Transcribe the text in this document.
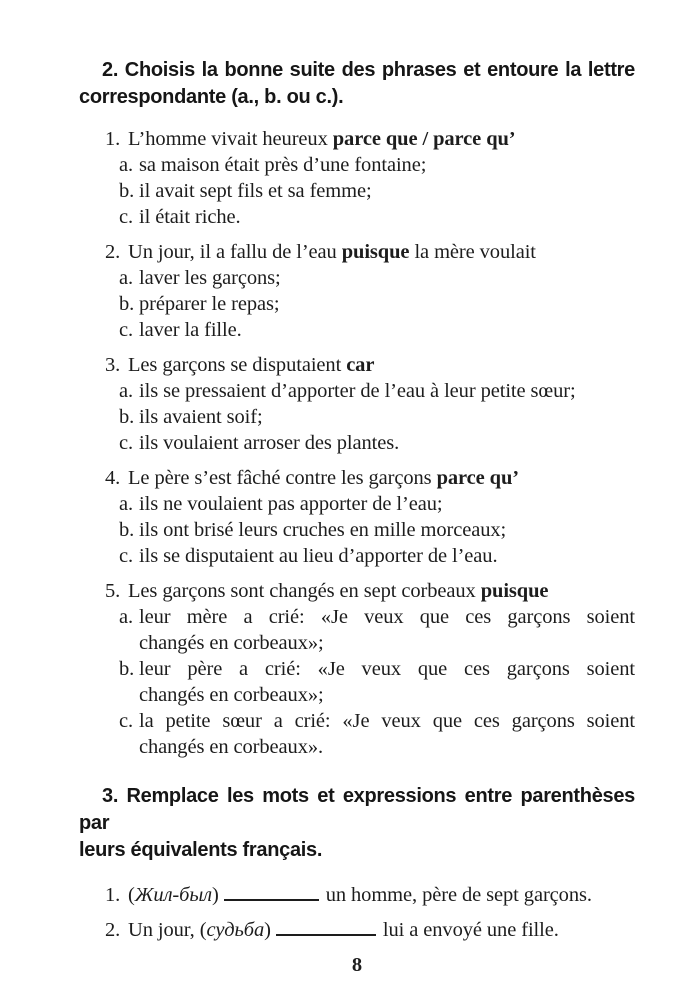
2. Choisis la bonne suite des phrases et entoure la lettre
correspondante (a., b. ou c.).
1. L’homme vivait heureux parce que / parce qu’
a. sa maison était près d’une fontaine;
b. il avait sept fils et sa femme;
c. il était riche.
2. Un jour, il a fallu de l’eau puisque la mère voulait
a. laver les garçons;
b. préparer le repas;
c. laver la fille.
3. Les garçons se disputaient car
a. ils se pressaient d’apporter de l’eau à leur petite sœur;
b. ils avaient soif;
c. ils voulaient arroser des plantes.
4. Le père s’est fâché contre les garçons parce qu’
a. ils ne voulaient pas apporter de l’eau;
b. ils ont brisé leurs cruches en mille morceaux;
c. ils se disputaient au lieu d’apporter de l’eau.
5. Les garçons sont changés en sept corbeaux puisque
a. leur mère a crié: «Je veux que ces garçons soient
changés en corbeaux»;
b. leur père a crié: «Je veux que ces garçons soient
changés en corbeaux»;
c. la petite sœur a crié: «Je veux que ces garçons soient
changés en corbeaux».
3. Remplace les mots et expressions entre parenthèses par
leurs équivalents français.
1. (Жил-был)	un homme, père de sept garçons.
2. Un jour, (судьба)	lui a envoyé une fille.
8
